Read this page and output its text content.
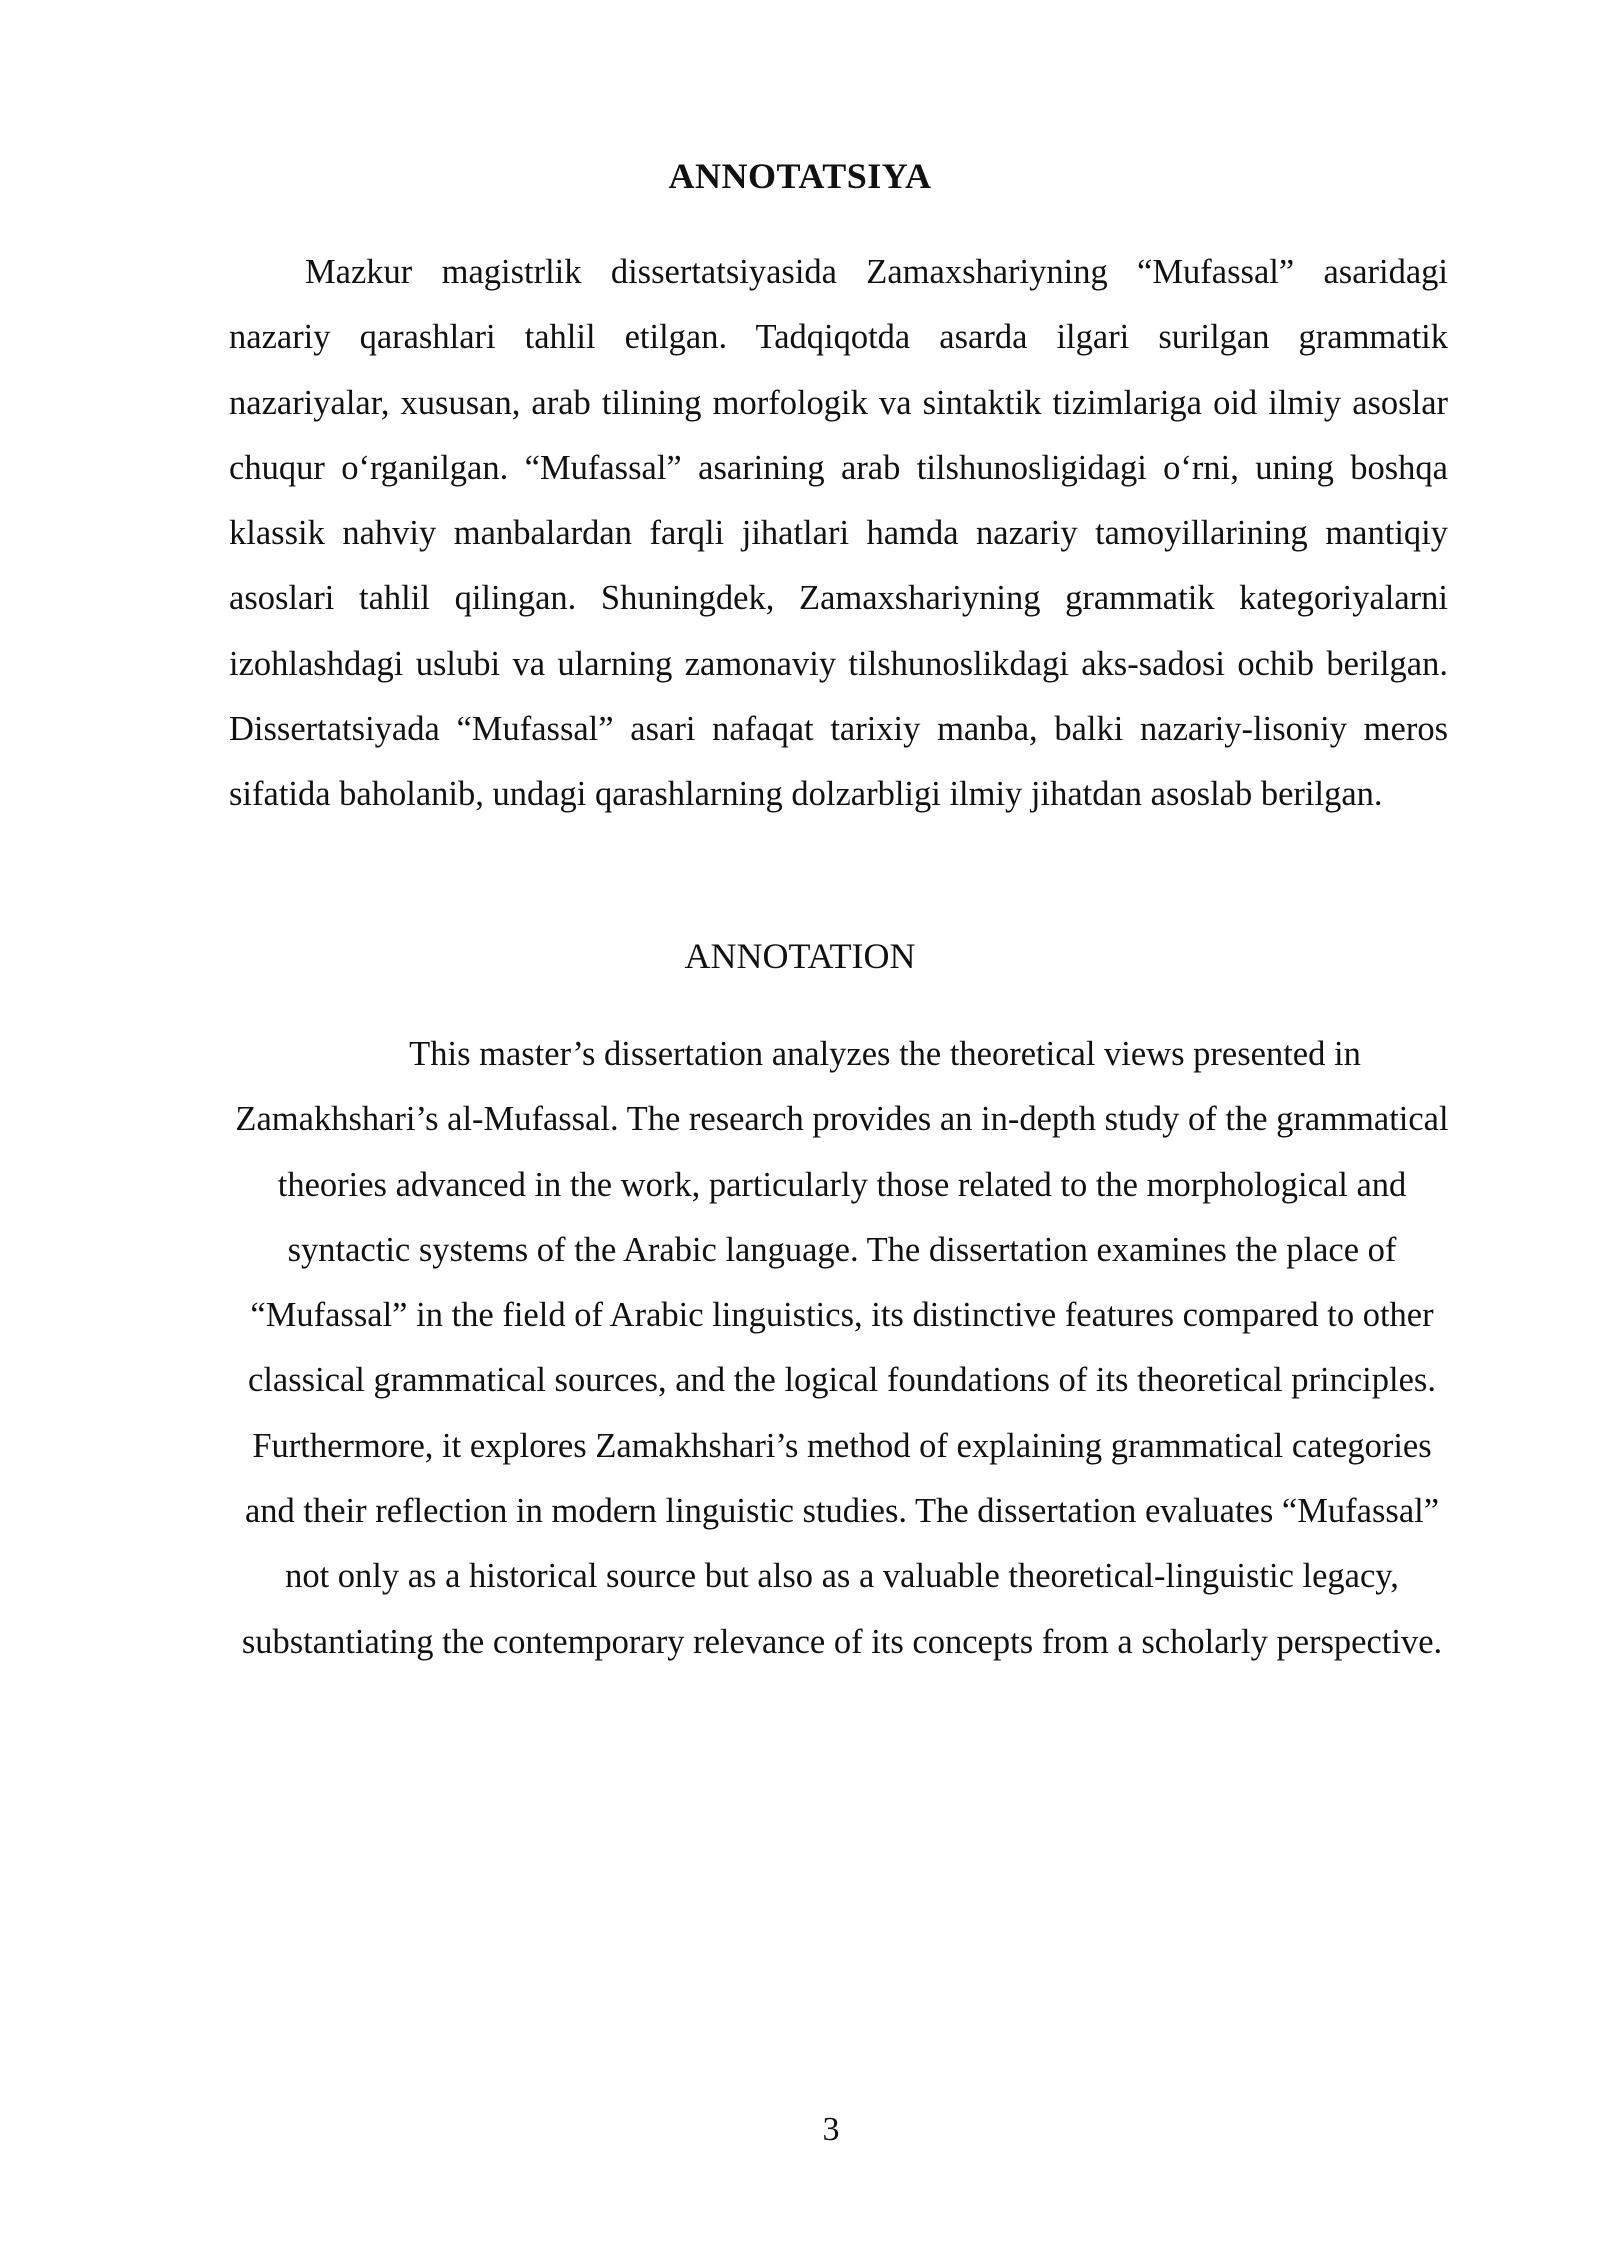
ANNOTATSIYA

Mazkur magistrlik dissertatsiyasida Zamaxshariyning “Mufassal” asaridagi nazariy qarashlari tahlil etilgan. Tadqiqotda asarda ilgari surilgan grammatik nazariyalar, xususan, arab tilining morfologik va sintaktik tizimlariga oid ilmiy asoslar chuqur oʻrganilgan. “Mufassal” asarining arab tilshunosligidagi oʻrni, uning boshqa klassik nahviy manbalardan farqli jihatlari hamda nazariy tamoyillarining mantiqiy asoslari tahlil qilingan. Shuningdek, Zamaxshariyning grammatik kategoriyalarni izohlashdagi uslubi va ularning zamonaviy tilshunoslikdagi aks-sadosi ochib berilgan. Dissertatsiyada “Mufassal” asari nafaqat tarixiy manba, balki nazariy-lisoniy meros sifatida baholanib, undagi qarashlarning dolzarbligi ilmiy jihatdan asoslab berilgan.

ANNOTATION

This master’s dissertation analyzes the theoretical views presented in Zamakhshari’s al-Mufassal. The research provides an in-depth study of the grammatical theories advanced in the work, particularly those related to the morphological and syntactic systems of the Arabic language. The dissertation examines the place of “Mufassal” in the field of Arabic linguistics, its distinctive features compared to other classical grammatical sources, and the logical foundations of its theoretical principles. Furthermore, it explores Zamakhshari’s method of explaining grammatical categories and their reflection in modern linguistic studies. The dissertation evaluates “Mufassal” not only as a historical source but also as a valuable theoretical-linguistic legacy, substantiating the contemporary relevance of its concepts from a scholarly perspective.

3
